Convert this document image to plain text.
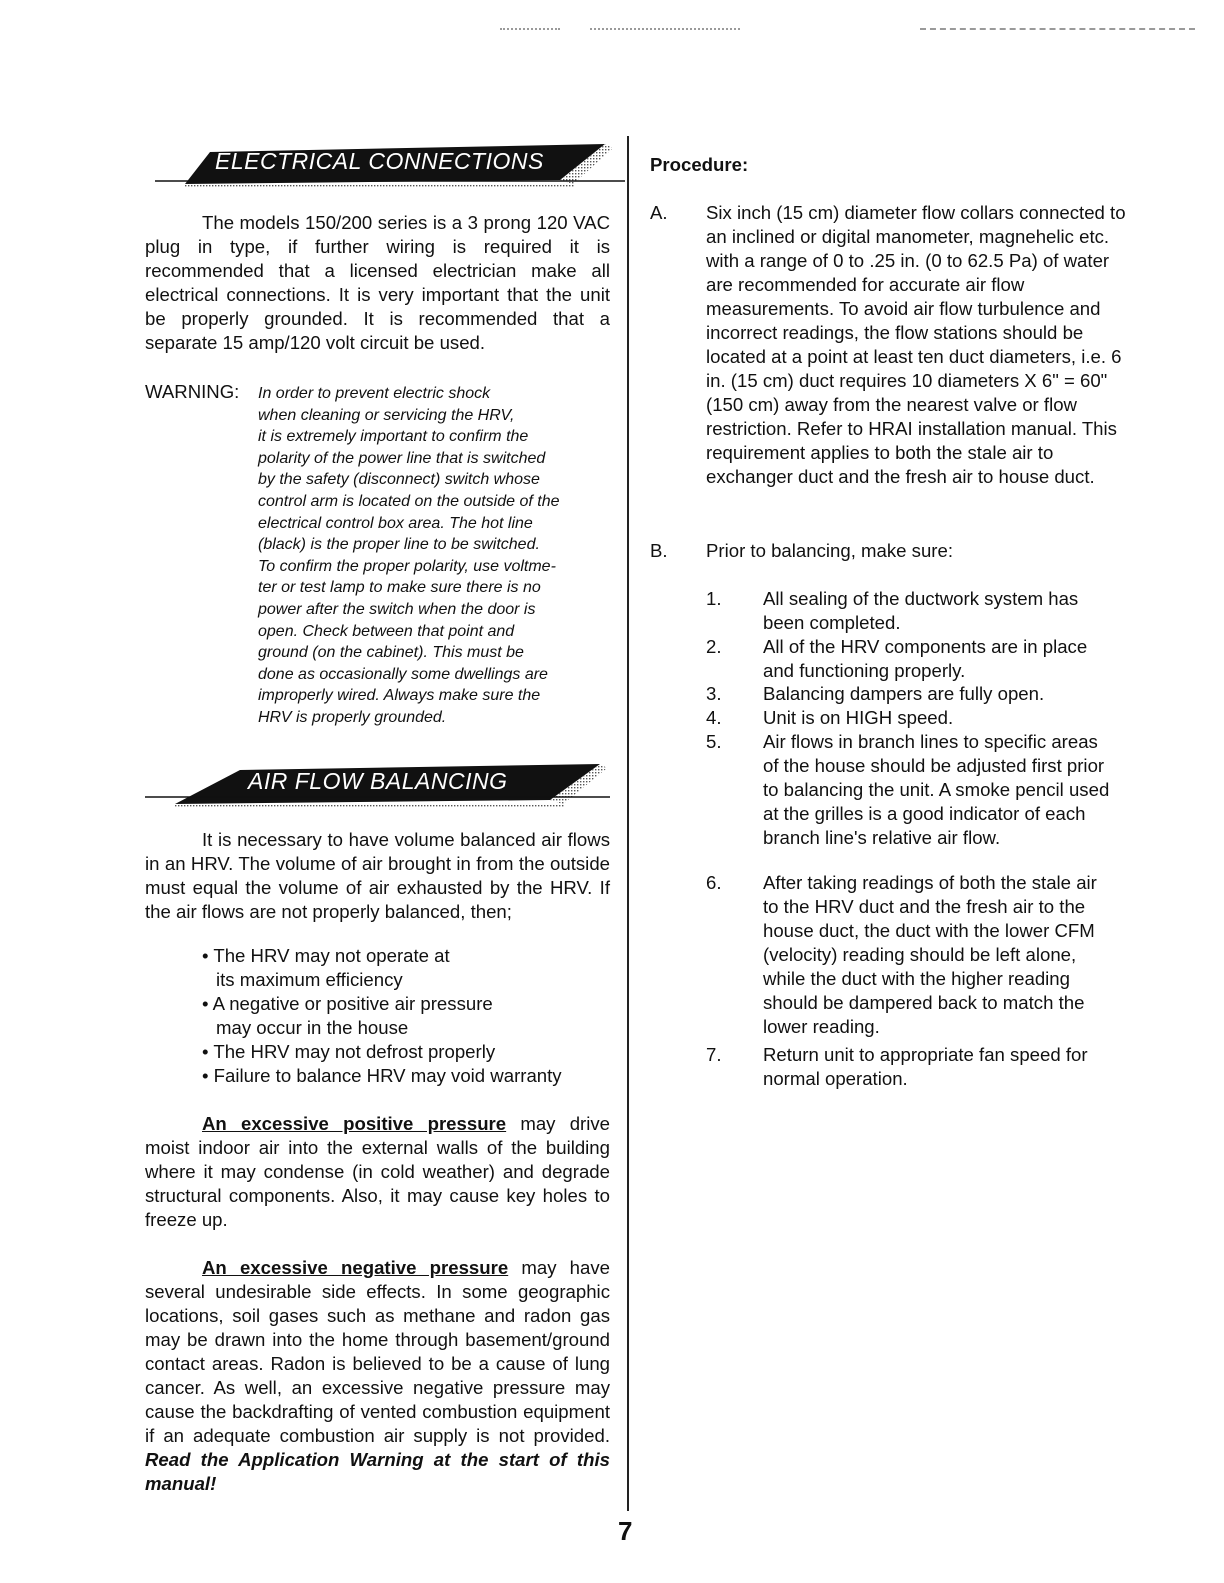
ELECTRICAL CONNECTIONS

The models 150/200 series is a 3 prong 120 VAC plug in type, if further wiring is required it is recommended that a licensed electrician make all electrical connections. It is very important that the unit be properly grounded. It is recommended that a separate 15 amp/120 volt circuit be used.

WARNING: In order to prevent electric shock
when cleaning or servicing the HRV,
it is extremely important to confirm the
polarity of the power line that is switched
by the safety (disconnect) switch whose
control arm is located on the outside of the
electrical control box area. The hot line
(black) is the proper line to be switched.
To confirm the proper polarity, use voltme-
ter or test lamp to make sure there is no
power after the switch when the door is
open. Check between that point and
ground (on the cabinet). This must be
done as occasionally some dwellings are
improperly wired. Always make sure the
HRV is properly grounded.
AIR FLOW BALANCING

It is necessary to have volume balanced air flows in an HRV. The volume of air brought in from the outside must equal the volume of air exhausted by the HRV. If the air flows are not properly balanced, then;

• The HRV may not operate at
its maximum efficiency
• A negative or positive air pressure
may occur in the house
• The HRV may not defrost properly
• Failure to balance HRV may void warranty

An excessive positive pressure may drive moist indoor air into the external walls of the building where it may condense (in cold weather) and degrade structural components. Also, it may cause key holes to freeze up.

An excessive negative pressure may have several undesirable side effects. In some geographic locations, soil gases such as methane and radon gas may be drawn into the home through basement/ground contact areas. Radon is believed to be a cause of lung cancer. As well, an excessive negative pressure may cause the backdrafting of vented combustion equipment if an adequate combustion air supply is not provided. Read the Application Warning at the start of this manual!

Procedure:
A. Six inch (15 cm) diameter flow collars connected to an inclined or digital manometer, magnehelic etc. with a range of 0 to .25 in. (0 to 62.5 Pa) of water are recommended for accurate air flow measurements. To avoid air flow turbulence and incorrect readings, the flow stations should be located at a point at least ten duct diameters, i.e. 6 in. (15 cm) duct requires 10 diameters X 6" = 60" (150 cm) away from the nearest valve or flow restriction. Refer to HRAI installation manual. This requirement applies to both the stale air to exchanger duct and the fresh air to house duct.

B. Prior to balancing, make sure:

1. All sealing of the ductwork system has been completed.

2. All of the HRV components are in place and functioning properly.

3. Balancing dampers are fully open.

4. Unit is on HIGH speed.

5. Air flows in branch lines to specific areas of the house should be adjusted first prior to balancing the unit. A smoke pencil used at the grilles is a good indicator of each branch line's relative air flow.

6. After taking readings of both the stale air to the HRV duct and the fresh air to the house duct, the duct with the lower CFM (velocity) reading should be left alone, while the duct with the higher reading should be dampered back to match the lower reading.

7. Return unit to appropriate fan speed for normal operation.

7
